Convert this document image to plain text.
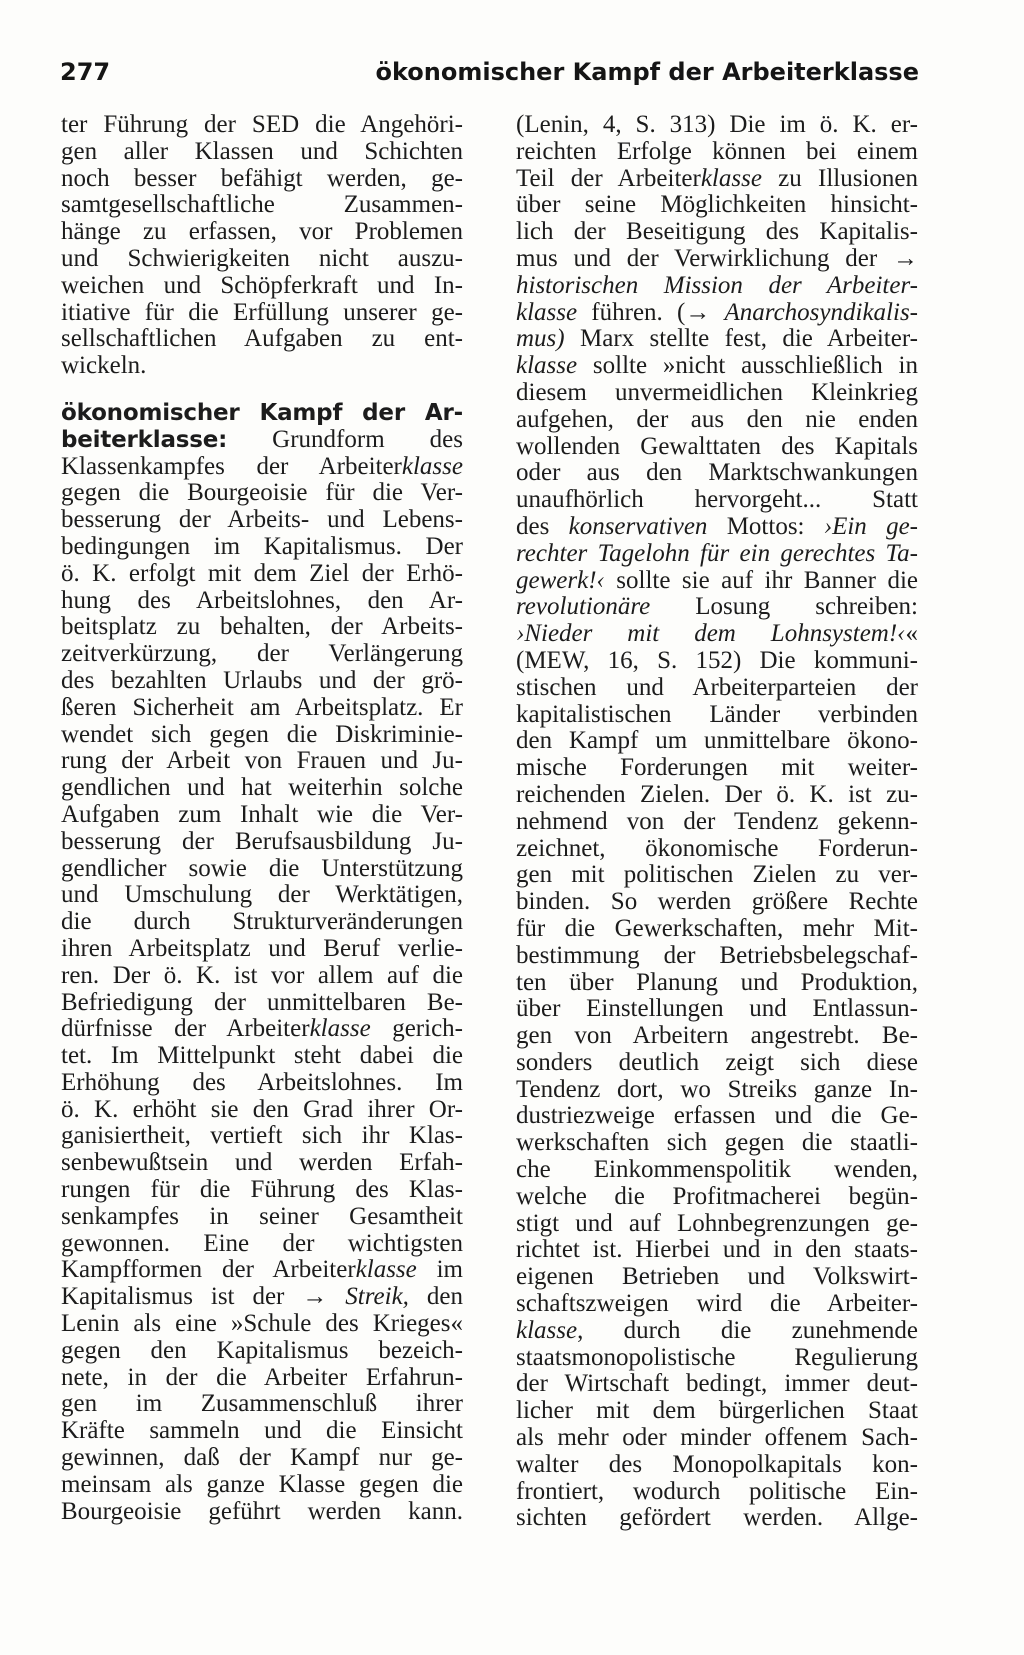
277	ökonomischer Kampf der Arbeiterklasse
ter Führung der SED die Angehöri-
gen aller Klassen und Schichten
noch besser befähigt werden, ge-
samtgesellschaftliche Zusammen-
hänge zu erfassen, vor Problemen
und Schwierigkeiten nicht auszu-
weichen und Schöpferkraft und In-
itiative für die Erfüllung unserer ge-
sellschaftlichen Aufgaben zu ent-
wickeln.
ökonomischer Kampf der Ar-
beiterklasse: Grundform des
Klassenkampfes der Arbeiterklasse
gegen die Bourgeoisie für die Ver-
besserung der Arbeits- und Lebens-
bedingungen im Kapitalismus. Der
ö. K. erfolgt mit dem Ziel der Erhö-
hung des Arbeitslohnes, den Ar-
beitsplatz zu behalten, der Arbeits-
zeitverkürzung, der Verlängerung
des bezahlten Urlaubs und der grö-
ßeren Sicherheit am Arbeitsplatz. Er
wendet sich gegen die Diskriminie-
rung der Arbeit von Frauen und Ju-
gendlichen und hat weiterhin solche
Aufgaben zum Inhalt wie die Ver-
besserung der Berufsausbildung Ju-
gendlicher sowie die Unterstützung
und Umschulung der Werktätigen,
die durch Strukturveränderungen
ihren Arbeitsplatz und Beruf verlie-
ren. Der ö. K. ist vor allem auf die
Befriedigung der unmittelbaren Be-
dürfnisse der Arbeiterklasse gerich-
tet. Im Mittelpunkt steht dabei die
Erhöhung des Arbeitslohnes. Im
ö. K. erhöht sie den Grad ihrer Or-
ganisiertheit, vertieft sich ihr Klas-
senbewußtsein und werden Erfah-
rungen für die Führung des Klas-
senkampfes in seiner Gesamtheit
gewonnen. Eine der wichtigsten
Kampfformen der Arbeiterklasse im
Kapitalismus ist der → Streik, den
Lenin als eine »Schule des Krieges«
gegen den Kapitalismus bezeich-
nete, in der die Arbeiter Erfahrun-
gen im Zusammenschluß ihrer
Kräfte sammeln und die Einsicht
gewinnen, daß der Kampf nur ge-
meinsam als ganze Klasse gegen die
Bourgeoisie geführt werden kann.
(Lenin, 4, S. 313) Die im ö. K. er-
reichten Erfolge können bei einem
Teil der Arbeiterklasse zu Illusionen
über seine Möglichkeiten hinsicht-
lich der Beseitigung des Kapitalis-
mus und der Verwirklichung der →
historischen Mission der Arbeiter-
klasse führen. (→ Anarchosyndikalis-
mus) Marx stellte fest, die Arbeiter-
klasse sollte »nicht ausschließlich in
diesem unvermeidlichen Kleinkrieg
aufgehen, der aus den nie enden
wollenden Gewalttaten des Kapitals
oder aus den Marktschwankungen
unaufhörlich hervorgeht... Statt
des konservativen Mottos: ›Ein ge-
rechter Tagelohn für ein gerechtes Ta-
gewerk!‹ sollte sie auf ihr Banner die
revolutionäre Losung schreiben:
›Nieder mit dem Lohnsystem!‹«
(MEW, 16, S. 152) Die kommuni-
stischen und Arbeiterparteien der
kapitalistischen Länder verbinden
den Kampf um unmittelbare ökono-
mische Forderungen mit weiter-
reichenden Zielen. Der ö. K. ist zu-
nehmend von der Tendenz gekenn-
zeichnet, ökonomische Forderun-
gen mit politischen Zielen zu ver-
binden. So werden größere Rechte
für die Gewerkschaften, mehr Mit-
bestimmung der Betriebsbelegschaf-
ten über Planung und Produktion,
über Einstellungen und Entlassun-
gen von Arbeitern angestrebt. Be-
sonders deutlich zeigt sich diese
Tendenz dort, wo Streiks ganze In-
dustriezweige erfassen und die Ge-
werkschaften sich gegen die staatli-
che Einkommenspolitik wenden,
welche die Profitmacherei begün-
stigt und auf Lohnbegrenzungen ge-
richtet ist. Hierbei und in den staats-
eigenen Betrieben und Volkswirt-
schaftszweigen wird die Arbeiter-
klasse, durch die zunehmende
staatsmonopolistische Regulierung
der Wirtschaft bedingt, immer deut-
licher mit dem bürgerlichen Staat
als mehr oder minder offenem Sach-
walter des Monopolkapitals kon-
frontiert, wodurch politische Ein-
sichten gefördert werden. Allge-
